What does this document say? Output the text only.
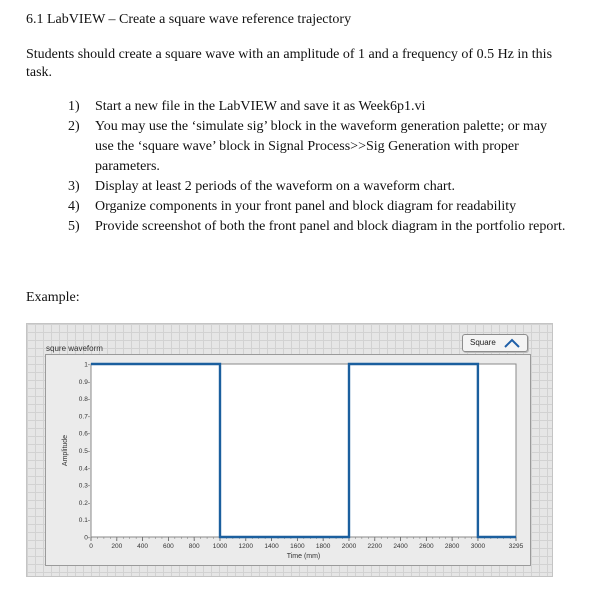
6.1 LabVIEW – Create a square wave reference trajectory
Students should create a square wave with an amplitude of 1 and a frequency of 0.5 Hz in this task.
1) Start a new file in the LabVIEW and save it as Week6p1.vi
2) You may use the ‘simulate sig’ block in the waveform generation palette; or may use the ‘square wave’ block in Signal Process>>Sig Generation with proper parameters.
3) Display at least 2 periods of the waveform on a waveform chart.
4) Organize components in your front panel and block diagram for readability
5) Provide screenshot of both the front panel and block diagram in the portfolio report.
Example:
squre waveform
Square
0-
0.1-
0.2-
0.3-
0.4-
0.5-
0.6-
0.7-
0.8-
0.9-
1-
0	200 400 600 800 1000 1200 1400 1600 1800 2000 2200 2400 2600 2800 3000	3295
Time (mm)
Amplitude
